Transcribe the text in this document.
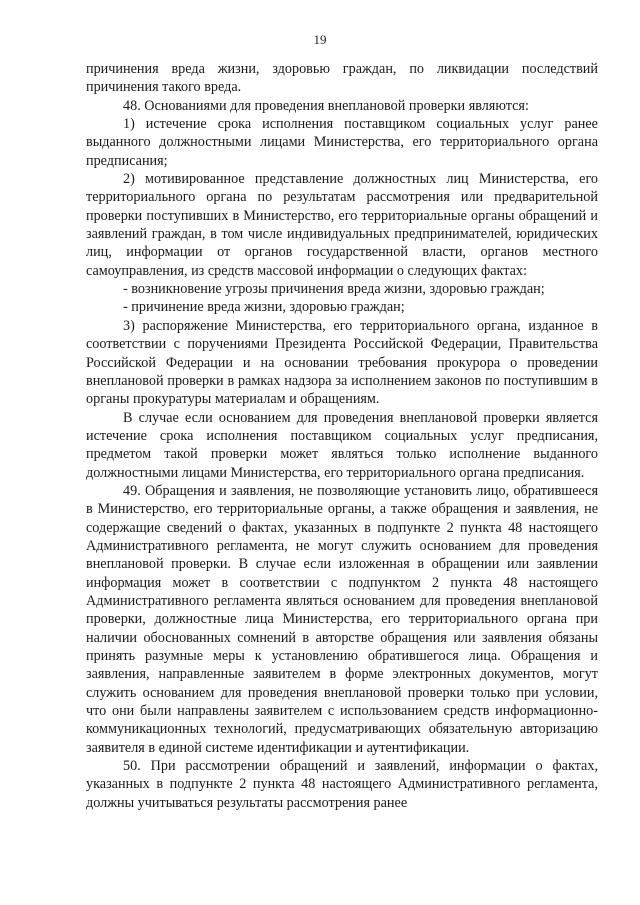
19

причинения вреда жизни, здоровью граждан, по ликвидации последствий причинения такого вреда.

48. Основаниями для проведения внеплановой проверки являются:

1) истечение срока исполнения поставщиком социальных услуг ранее выданного должностными лицами Министерства, его территориального органа предписания;

2) мотивированное представление должностных лиц Министерства, его территориального органа по результатам рассмотрения или предварительной проверки поступивших в Министерство, его территориальные органы обращений и заявлений граждан, в том числе индивидуальных предпринимателей, юридических лиц, информации от органов государственной власти, органов местного самоуправления, из средств массовой информации о следующих фактах:

- возникновение угрозы причинения вреда жизни, здоровью граждан;

- причинение вреда жизни, здоровью граждан;

3) распоряжение Министерства, его территориального органа, изданное в соответствии с поручениями Президента Российской Федерации, Правительства Российской Федерации и на основании требования прокурора о проведении внеплановой проверки в рамках надзора за исполнением законов по поступившим в органы прокуратуры материалам и обращениям.

В случае если основанием для проведения внеплановой проверки является истечение срока исполнения поставщиком социальных услуг предписания, предметом такой проверки может являться только исполнение выданного должностными лицами Министерства, его территориального органа предписания.

49. Обращения и заявления, не позволяющие установить лицо, обратившееся в Министерство, его территориальные органы, а также обращения и заявления, не содержащие сведений о фактах, указанных в подпункте 2 пункта 48 настоящего Административного регламента, не могут служить основанием для проведения внеплановой проверки. В случае если изложенная в обращении или заявлении информация может в соответствии с подпунктом 2 пункта 48 настоящего Административного регламента являться основанием для проведения внеплановой проверки, должностные лица Министерства, его территориального органа при наличии обоснованных сомнений в авторстве обращения или заявления обязаны принять разумные меры к установлению обратившегося лица. Обращения и заявления, направленные заявителем в форме электронных документов, могут служить основанием для проведения внеплановой проверки только при условии, что они были направлены заявителем с использованием средств информационно-коммуникационных технологий, предусматривающих обязательную авторизацию заявителя в единой системе идентификации и аутентификации.

50. При рассмотрении обращений и заявлений, информации о фактах, указанных в подпункте 2 пункта 48 настоящего Административного регламента, должны учитываться результаты рассмотрения ранее
